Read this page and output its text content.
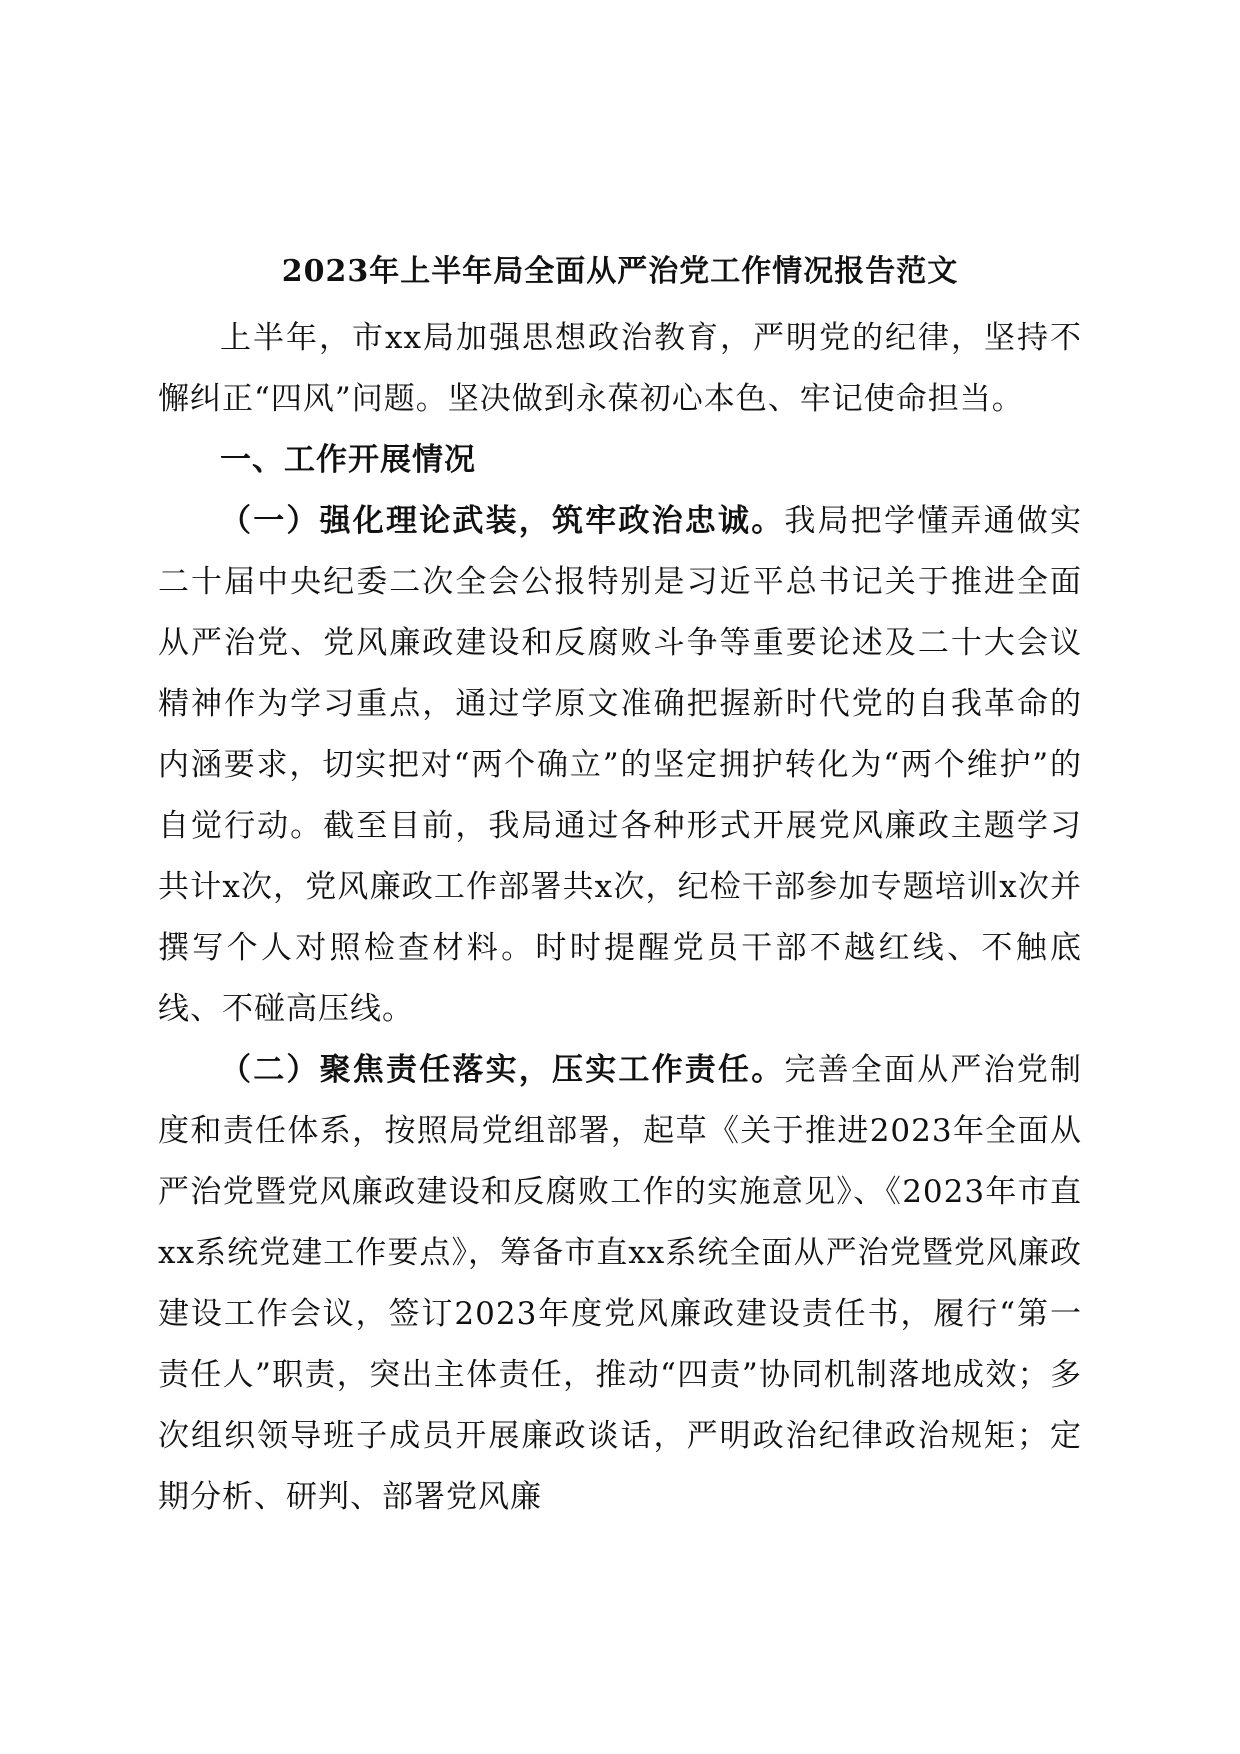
2023年上半年局全面从严治党工作情况报告范文

上半年，市xx局加强思想政治教育，严明党的纪律，坚持不懈纠正“四风”问题。坚决做到永葆初心本色、牢记使命担当。

一、工作开展情况

（一）强化理论武装，筑牢政治忠诚。我局把学懂弄通做实二十届中央纪委二次全会公报特别是习近平总书记关于推进全面从严治党、党风廉政建设和反腐败斗争等重要论述及二十大会议精神作为学习重点，通过学原文准确把握新时代党的自我革命的内涵要求，切实把对“两个确立”的坚定拥护转化为“两个维护”的自觉行动。截至目前，我局通过各种形式开展党风廉政主题学习共计x次，党风廉政工作部署共x次，纪检干部参加专题培训x次并撰写个人对照检查材料。时时提醒党员干部不越红线、不触底线、不碰高压线。

（二）聚焦责任落实，压实工作责任。完善全面从严治党制度和责任体系，按照局党组部署，起草《关于推进2023年全面从严治党暨党风廉政建设和反腐败工作的实施意见》、《2023年市直xx系统党建工作要点》，筹备市直xx系统全面从严治党暨党风廉政建设工作会议，签订2023年度党风廉政建设责任书，履行“第一责任人”职责，突出主体责任，推动“四责”协同机制落地成效；多次组织领导班子成员开展廉政谈话，严明政治纪律政治规矩；定期分析、研判、部署党风廉
